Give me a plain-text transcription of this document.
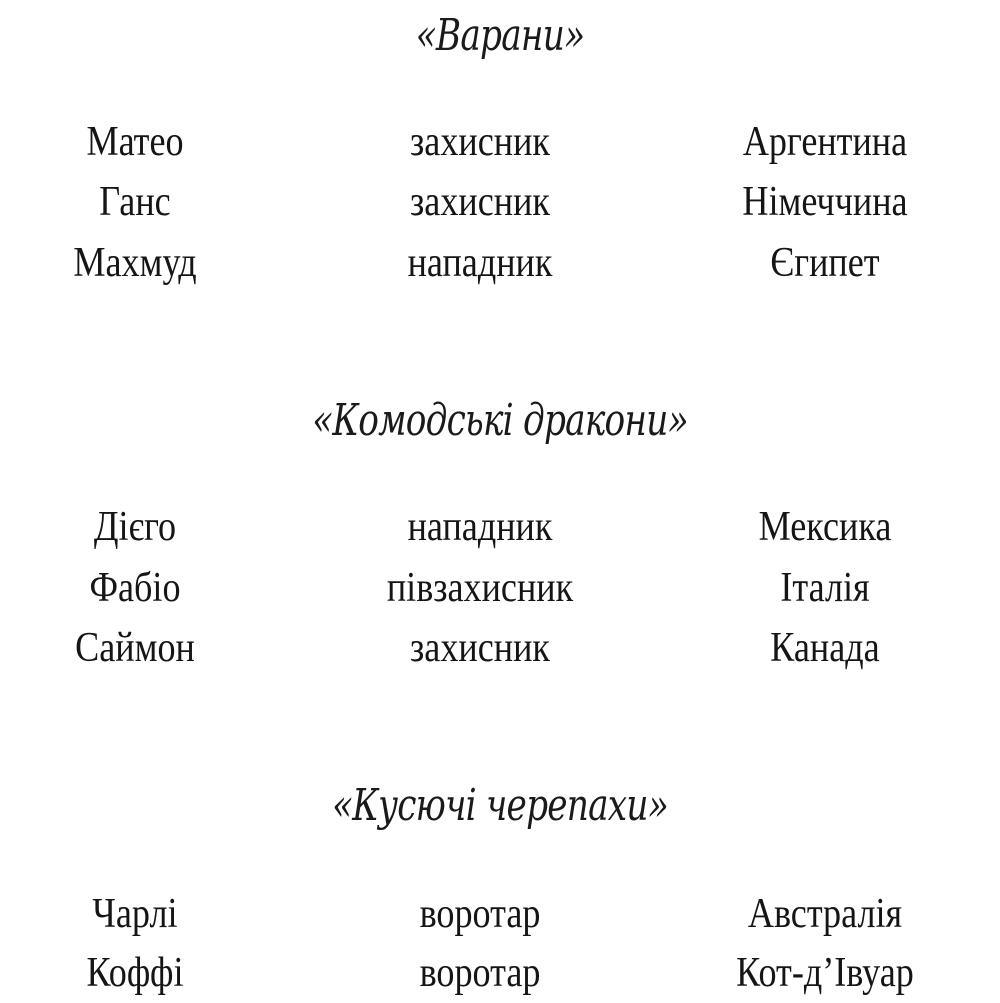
«Варани»
Матео	захисник	Аргентина
Ганс	захисник	Німеччина
Махмуд	нападник	Єгипет
«Комодські дракони»
Дієго	нападник	Мексика
Фабіо	півзахисник	Італія
Саймон	захисник	Канада
«Кусючі черепахи»
Чарлі	воротар	Австралія
Коффі	воротар	Кот-д’Івуар
